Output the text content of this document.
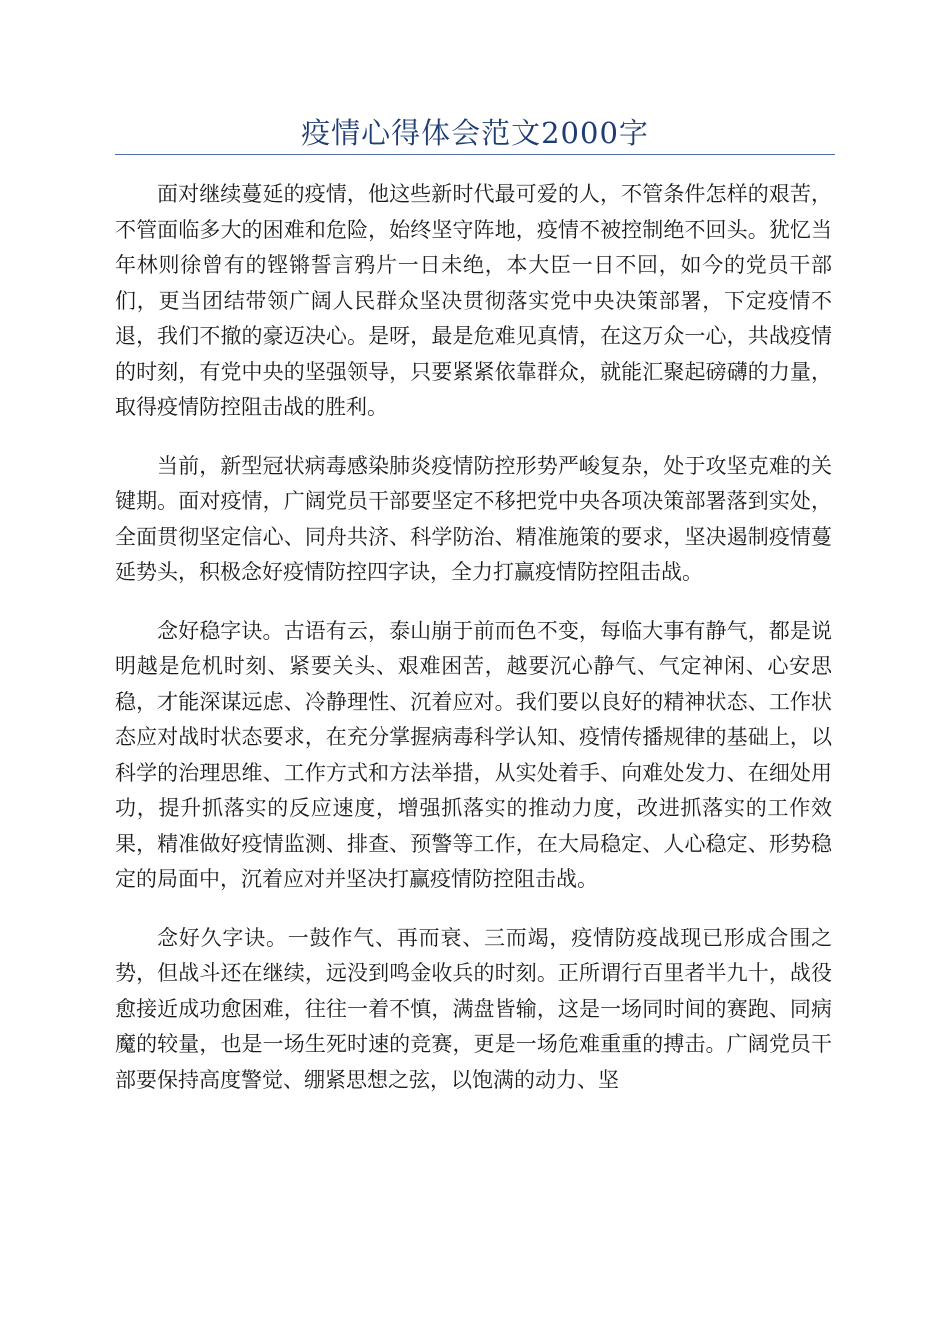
疫情心得体会范文2000字

面对继续蔓延的疫情，他这些新时代最可爱的人，不管条件怎样的艰苦，不管面临多大的困难和危险，始终坚守阵地，疫情不被控制绝不回头。犹忆当年林则徐曾有的铿锵誓言鸦片一日未绝，本大臣一日不回，如今的党员干部们，更当团结带领广阔人民群众坚决贯彻落实党中央决策部署，下定疫情不退，我们不撤的豪迈决心。是呀，最是危难见真情，在这万众一心，共战疫情的时刻，有党中央的坚强领导，只要紧紧依靠群众，就能汇聚起磅礴的力量，取得疫情防控阻击战的胜利。

当前，新型冠状病毒感染肺炎疫情防控形势严峻复杂，处于攻坚克难的关键期。面对疫情，广阔党员干部要坚定不移把党中央各项决策部署落到实处，全面贯彻坚定信心、同舟共济、科学防治、精准施策的要求，坚决遏制疫情蔓延势头，积极念好疫情防控四字诀，全力打赢疫情防控阻击战。

念好稳字诀。古语有云，泰山崩于前而色不变，每临大事有静气，都是说明越是危机时刻、紧要关头、艰难困苦，越要沉心静气、气定神闲、心安思稳，才能深谋远虑、冷静理性、沉着应对。我们要以良好的精神状态、工作状态应对战时状态要求，在充分掌握病毒科学认知、疫情传播规律的基础上，以科学的治理思维、工作方式和方法举措，从实处着手、向难处发力、在细处用功，提升抓落实的反应速度，增强抓落实的推动力度，改进抓落实的工作效果，精准做好疫情监测、排查、预警等工作，在大局稳定、人心稳定、形势稳定的局面中，沉着应对并坚决打赢疫情防控阻击战。

念好久字诀。一鼓作气、再而衰、三而竭，疫情防疫战现已形成合围之势，但战斗还在继续，远没到鸣金收兵的时刻。正所谓行百里者半九十，战役愈接近成功愈困难，往往一着不慎，满盘皆输，这是一场同时间的赛跑、同病魔的较量，也是一场生死时速的竞赛，更是一场危难重重的搏击。广阔党员干部要保持高度警觉、绷紧思想之弦，以饱满的动力、坚
